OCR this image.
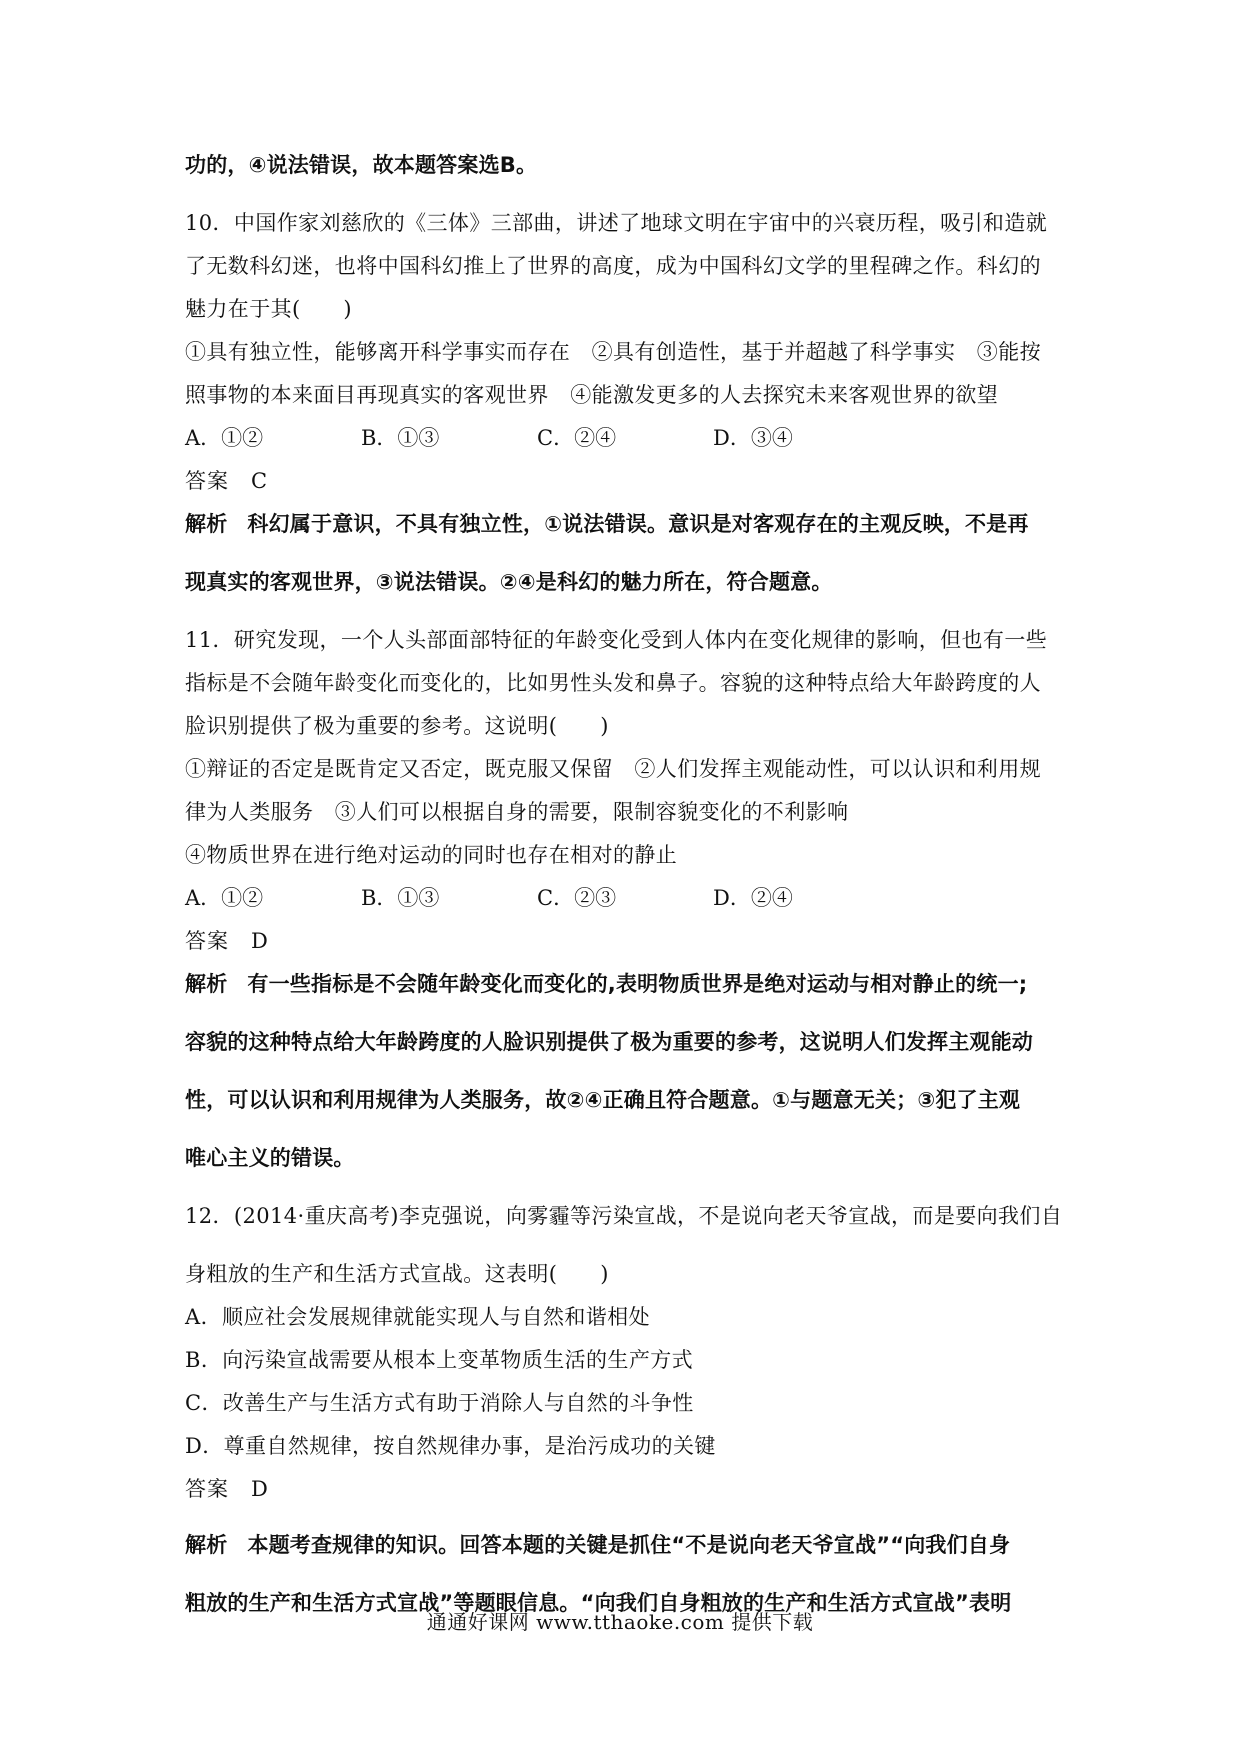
功的，④说法错误，故本题答案选B。
10．中国作家刘慈欣的《三体》三部曲，讲述了地球文明在宇宙中的兴衰历程，吸引和造就
了无数科幻迷，也将中国科幻推上了世界的高度，成为中国科幻文学的里程碑之作。科幻的
魅力在于其(　　)
①具有独立性，能够离开科学事实而存在　②具有创造性，基于并超越了科学事实　③能按
照事物的本来面目再现真实的客观世界　④能激发更多的人去探究未来客观世界的欲望
A．①②	B．①③	C．②④	D．③④
答案 C
解析 科幻属于意识，不具有独立性，①说法错误。意识是对客观存在的主观反映，不是再
现真实的客观世界，③说法错误。②④是科幻的魅力所在，符合题意。
11．研究发现，一个人头部面部特征的年龄变化受到人体内在变化规律的影响，但也有一些
指标是不会随年龄变化而变化的，比如男性头发和鼻子。容貌的这种特点给大年龄跨度的人
脸识别提供了极为重要的参考。这说明(　　)
①辩证的否定是既肯定又否定，既克服又保留　②人们发挥主观能动性，可以认识和利用规
律为人类服务　③人们可以根据自身的需要，限制容貌变化的不利影响
④物质世界在进行绝对运动的同时也存在相对的静止
A．①②	B．①③	C．②③	D．②④
答案 D
解析 有一些指标是不会随年龄变化而变化的,表明物质世界是绝对运动与相对静止的统一;
容貌的这种特点给大年龄跨度的人脸识别提供了极为重要的参考，这说明人们发挥主观能动
性，可以认识和利用规律为人类服务，故②④正确且符合题意。①与题意无关；③犯了主观
唯心主义的错误。
12．(2014·重庆高考)李克强说，向雾霾等污染宣战，不是说向老天爷宣战，而是要向我们自
身粗放的生产和生活方式宣战。这表明(　　)
A．顺应社会发展规律就能实现人与自然和谐相处
B．向污染宣战需要从根本上变革物质生活的生产方式
C．改善生产与生活方式有助于消除人与自然的斗争性
D．尊重自然规律，按自然规律办事，是治污成功的关键
答案 D
解析 本题考查规律的知识。回答本题的关键是抓住“不是说向老天爷宣战”“向我们自身
粗放的生产和生活方式宣战”等题眼信息。“向我们自身粗放的生产和生活方式宣战”表明
通通好课网 www.tthaoke.com 提供下载
